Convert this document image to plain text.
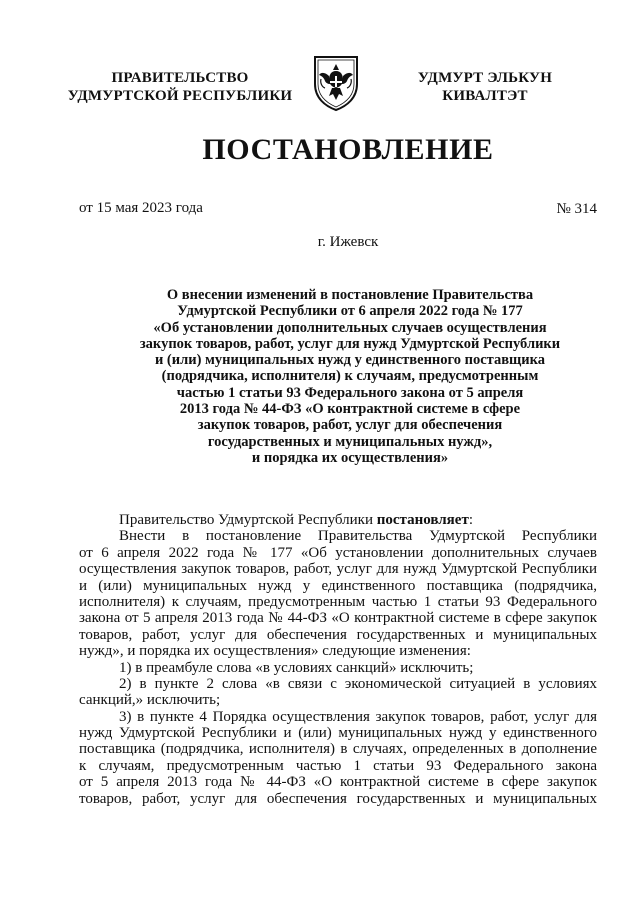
ПРАВИТЕЛЬСТВО
УДМУРТСКОЙ РЕСПУБЛИКИ
УДМУРТ ЭЛЬКУН
КИВАЛТЭТ
ПОСТАНОВЛЕНИЕ
от 15 мая 2023 года	№ 314
г. Ижевск
О внесении изменений в постановление Правительства
Удмуртской Республики от 6 апреля 2022 года № 177
«Об установлении дополнительных случаев осуществления
закупок товаров, работ, услуг для нужд Удмуртской Республики
и (или) муниципальных нужд у единственного поставщика
(подрядчика, исполнителя) к случаям, предусмотренным
частью 1 статьи 93 Федерального закона от 5 апреля
2013 года № 44-ФЗ «О контрактной системе в сфере
закупок товаров, работ, услуг для обеспечения
государственных и муниципальных нужд»,
и порядка их осуществления»
Правительство Удмуртской Республики постановляет:
Внести в постановление Правительства Удмуртской Республики
от 6 апреля 2022 года № 177 «Об установлении дополнительных случаев
осуществления закупок товаров, работ, услуг для нужд Удмуртской Республики
и (или) муниципальных нужд у единственного поставщика (подрядчика,
исполнителя) к случаям, предусмотренным частью 1 статьи 93 Федерального
закона от 5 апреля 2013 года № 44-ФЗ «О контрактной системе в сфере закупок
товаров, работ, услуг для обеспечения государственных и муниципальных
нужд», и порядка их осуществления» следующие изменения:
1) в преамбуле слова «в условиях санкций» исключить;
2) в пункте 2 слова «в связи с экономической ситуацией в условиях
санкций,» исключить;
3) в пункте 4 Порядка осуществления закупок товаров, работ, услуг для
нужд Удмуртской Республики и (или) муниципальных нужд у единственного
поставщика (подрядчика, исполнителя) в случаях, определенных в дополнение
к случаям, предусмотренным частью 1 статьи 93 Федерального закона
от 5 апреля 2013 года № 44-ФЗ «О контрактной системе в сфере закупок
товаров, работ, услуг для обеспечения государственных и муниципальных
